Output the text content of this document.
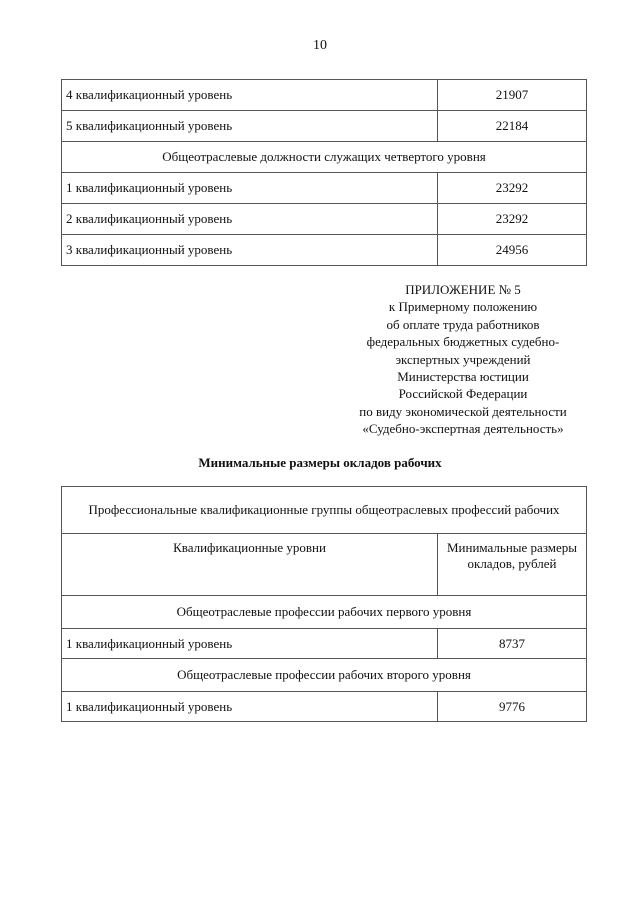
10
4 квалификационный уровень	21907
5 квалификационный уровень	22184
Общеотраслевые должности служащих четвертого уровня	
1 квалификационный уровень	23292
2 квалификационный уровень	23292
3 квалификационный уровень	24956
ПРИЛОЖЕНИЕ № 5
к Примерному положению
об оплате труда работников
федеральных бюджетных судебно-
экспертных учреждений
Министерства юстиции
Российской Федерации
по виду экономической деятельности
«Судебно-экспертная деятельность»
Минимальные размеры окладов рабочих
Профессиональные квалификационные группы общеотраслевых профессий рабочих	
Квалификационные уровни	Минимальные размеры окладов, рублей
Общеотраслевые профессии рабочих первого уровня	
1 квалификационный уровень	8737
Общеотраслевые профессии рабочих второго уровня	
1 квалификационный уровень	9776
